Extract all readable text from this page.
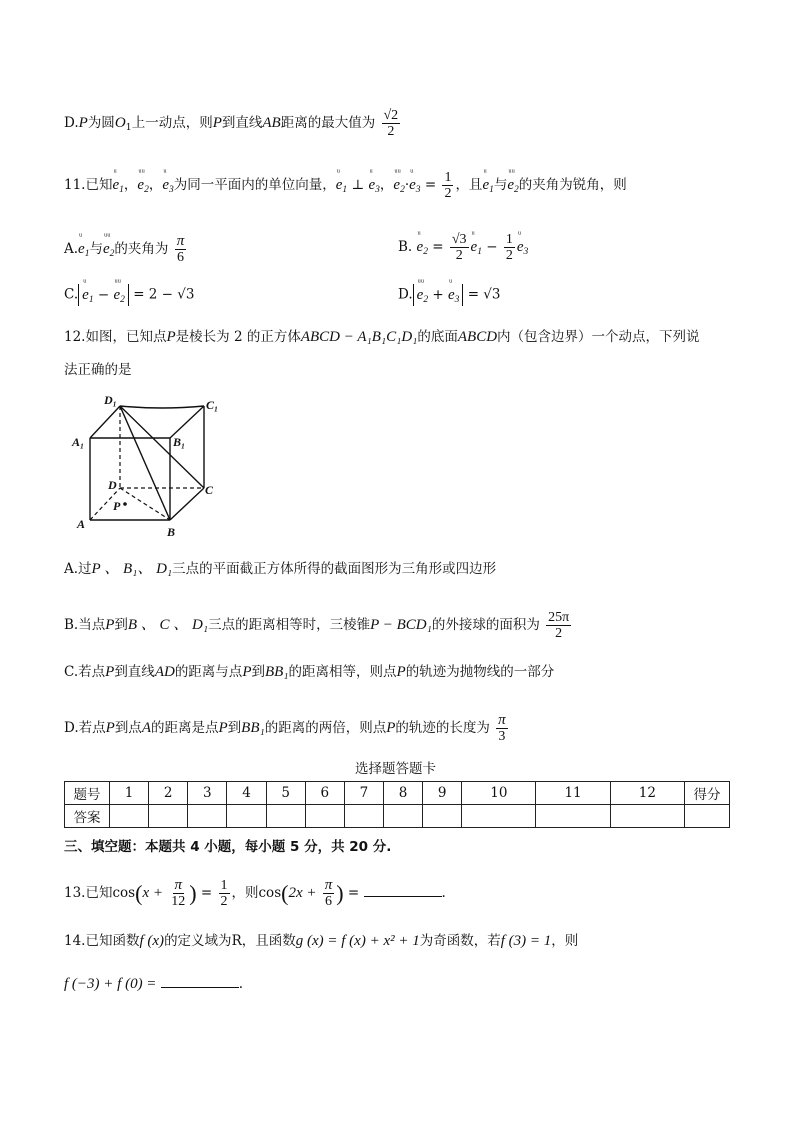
D.P为圆$O_1$上一动点，则P到直线AB距离的最大值为 $\frac{√2}{2}$
11.已知ᵘ $e_1$，ᵘᵘ $e_2$，ᵘ $e_3$为同一平面内的单位向量，ᵘ $e_1$ ⊥ ᵘ $e_3$，ᵘᵘ $e_2\cdot ᵘ$ $e_3 = \frac{1}{2}$ ，且ᵘ $e_1$与ᵘᵘ $e_2$的夹角为锐角，则
A.ᵘ $e_1$与ᵘᵘ $e_2$的夹角为 $\frac{\pi}{6}$	B. ᵘ $e_2 = \frac{√3}{2}$ ᵘ $e_1 - \frac{1}{2}$ ᵘ $e_3$
C. ᵘ $e_1$ − ᵘᵘ $e_2 = 2 - √3$	D. ᵘᵘ $e_2$ + ᵘ $e_3 = √3$
12.如图，已知点P是棱长为 2 的正方体ABCD − A₁B₁C₁D₁的底面ABCD内（包含边界）一个动点，下列说
法正确的是
D₁	C₁
A₁	B₁
D	C
A
B
P
A.过P 、 B₁、 D₁三点的平面截正方体所得的截面图形为三角形或四边形
B.当点P到B 、 C 、 D₁三点的距离相等时，三棱锥P − BCD₁的外接球的面积为 $\frac{25\pi}{2}$
C.若点P到直线AD的距离与点P到BB₁的距离相等，则点P的轨迹为抛物线的一部分
D.若点P到点A的距离是点P到BB₁的距离的两倍，则点P的轨迹的长度为 $\frac{\pi}{3}$
选择题答题卡
题号	1	2	3	4	5	6	7	8	9	10	11	12	得分
答案													
三、填空题：本题共 4 小题，每小题 5 分，共 20 分.
13.已知$\cos(x + \frac{\pi}{12}$ ) = $\frac{1}{2}$ ，则$\cos(2x + \frac{\pi}{6}$ ) =	.
14.已知函数f (x)的定义域为R，且函数g (x) = f (x) + x² + 1为奇函数，若f (3) = 1，则
f (−3) + f (0) =	.
